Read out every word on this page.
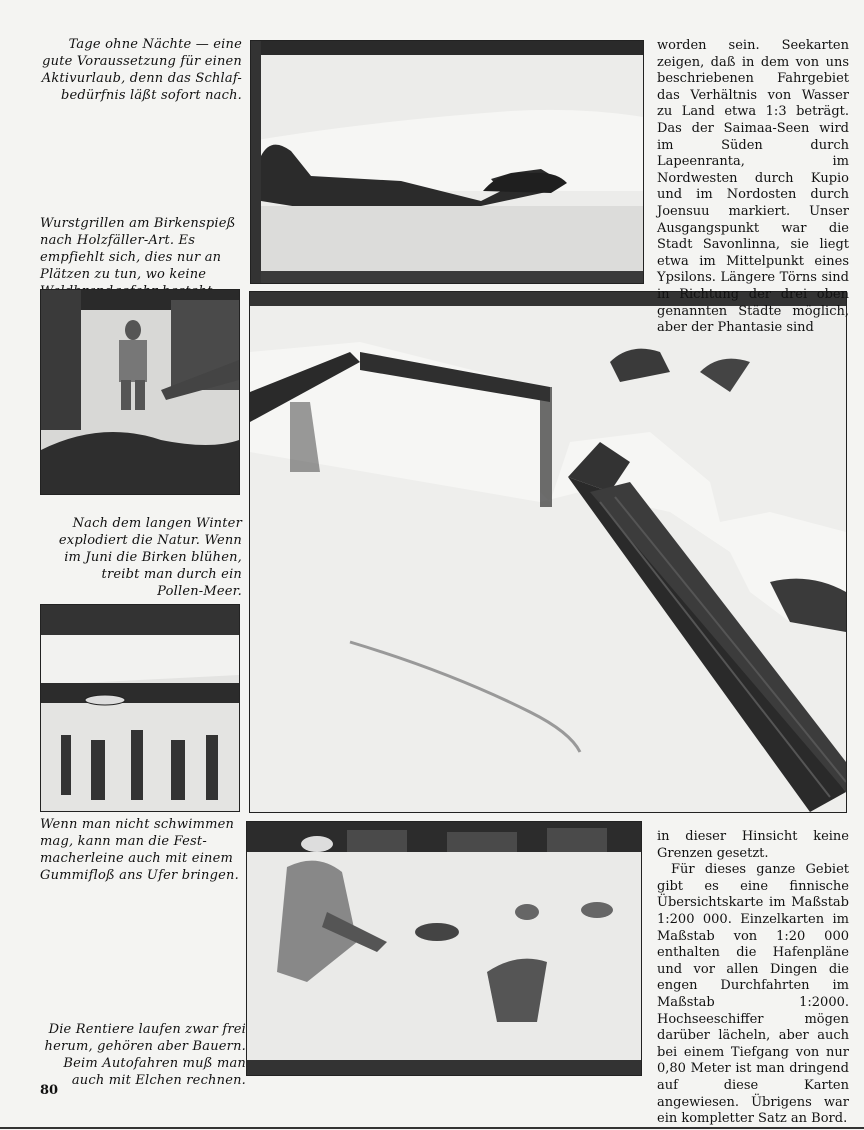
Tage ohne Nächte — eine
gute Voraussetzung für einen
Aktivurlaub, denn das Schlaf-
bedürfnis läßt sofort nach.
Wurstgrillen am Birkenspieß
nach Holzfäller-Art. Es
empfiehlt sich, dies nur an
Plätzen zu tun, wo keine
Nach dem langen Winter
explodiert die Natur. Wenn
im Juni die Birken blühen,
treibt man durch ein
Pollen-Meer.
Wenn man nicht schwimmen
mag, kann man die Fest-
macherleine auch mit einem
Gummifloß ans Ufer bringen.
Die Rentiere laufen zwar frei
herum, gehören aber Bauern.
Beim Autofahren muß man
auch mit Elchen rechnen.

worden sein. Seekarten zeigen, daß in dem von uns beschriebenen Fahrgebiet das Verhältnis von Wasser zu Land etwa 1:3 beträgt. Das der Saimaa-Seen wird im Süden durch Lapeenranta, im Nordwesten durch Kupio und im Nordosten durch Joensuu markiert. Unser Ausgangspunkt war die Stadt Savonlinna, sie liegt etwa im Mittelpunkt eines Ypsilons. Längere Törns sind in Richtung der drei oben genannten Städte möglich, aber der Phantasie sind

in dieser Hinsicht keine Grenzen gesetzt.

Für dieses ganze Gebiet gibt es eine finnische Übersichtskarte im Maßstab 1:200 000. Einzelkarten im Maßstab von 1:20 000 enthalten die Hafenpläne und vor allen Dingen die engen Durchfahrten im Maßstab 1:2000. Hochseeschiffer mögen darüber lächeln, aber auch bei einem Tiefgang von nur 0,80 Meter ist man dringend auf diese Karten angewiesen. Übrigens war ein kompletter Satz an Bord.

80
